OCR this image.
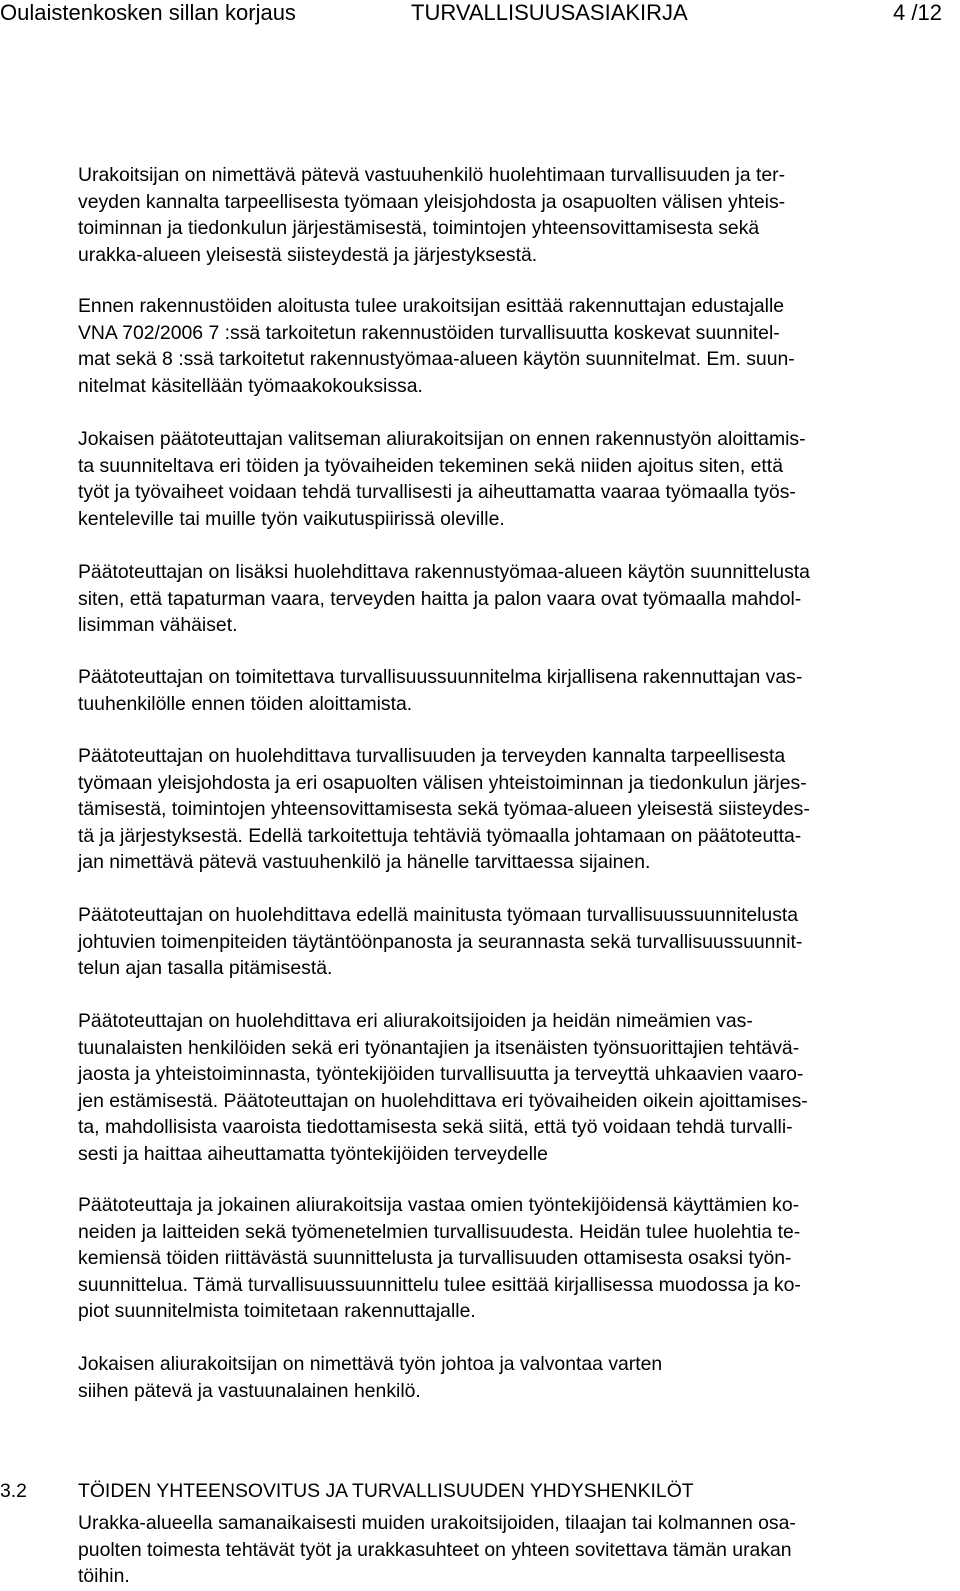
Oulaistenkosken sillan korjaus	TURVALLISUUSASIAKIRJA	4 /12
Urakoitsijan on nimettävä pätevä vastuuhenkilö huolehtimaan turvallisuuden ja ter-
veyden kannalta tarpeellisesta työmaan yleisjohdosta ja osapuolten välisen yhteis-
toiminnan ja tiedonkulun järjestämisestä, toimintojen yhteensovittamisesta sekä
urakka-alueen yleisestä siisteydestä ja järjestyksestä.
Ennen rakennustöiden aloitusta tulee urakoitsijan esittää rakennuttajan edustajalle
VNA 702/2006 7 :ssä tarkoitetun rakennustöiden turvallisuutta koskevat suunnitel-
mat sekä 8 :ssä tarkoitetut rakennustyömaa-alueen käytön suunnitelmat. Em. suun-
nitelmat käsitellään työmaakokouksissa.
Jokaisen päätoteuttajan valitseman aliurakoitsijan on ennen rakennustyön aloittamis-
ta suunniteltava eri töiden ja työvaiheiden tekeminen sekä niiden ajoitus siten, että
työt ja työvaiheet voidaan tehdä turvallisesti ja aiheuttamatta vaaraa työmaalla työs-
kenteleville tai muille työn vaikutuspiirissä oleville.
Päätoteuttajan on lisäksi huolehdittava rakennustyömaa-alueen käytön suunnittelusta
siten, että tapaturman vaara, terveyden haitta ja palon vaara ovat työmaalla mahdol-
lisimman vähäiset.
Päätoteuttajan on toimitettava turvallisuussuunnitelma kirjallisena rakennuttajan vas-
tuuhenkilölle ennen töiden aloittamista.
Päätoteuttajan on huolehdittava turvallisuuden ja terveyden kannalta tarpeellisesta
työmaan yleisjohdosta ja eri osapuolten välisen yhteistoiminnan ja tiedonkulun järjes-
tämisestä, toimintojen yhteensovittamisesta sekä työmaa-alueen yleisestä siisteydes-
tä ja järjestyksestä. Edellä tarkoitettuja tehtäviä työmaalla johtamaan on päätoteutta-
jan nimettävä pätevä vastuuhenkilö ja hänelle tarvittaessa sijainen.
Päätoteuttajan on huolehdittava edellä mainitusta työmaan turvallisuussuunnitelusta
johtuvien toimenpiteiden täytäntöönpanosta ja seurannasta sekä turvallisuussuunnit-
telun ajan tasalla pitämisestä.
Päätoteuttajan on huolehdittava eri aliurakoitsijoiden ja heidän nimeämien vas-
tuunalaisten henkilöiden sekä eri työnantajien ja itsenäisten työnsuorittajien tehtävä-
jaosta ja yhteistoiminnasta, työntekijöiden turvallisuutta ja terveyttä uhkaavien vaaro-
jen estämisestä. Päätoteuttajan on huolehdittava eri työvaiheiden oikein ajoittamises-
ta, mahdollisista vaaroista tiedottamisesta sekä siitä, että työ voidaan tehdä turvalli-
sesti ja haittaa aiheuttamatta työntekijöiden terveydelle
Päätoteuttaja ja jokainen aliurakoitsija vastaa omien työntekijöidensä käyttämien ko-
neiden ja laitteiden sekä työmenetelmien turvallisuudesta. Heidän tulee huolehtia te-
kemiensä töiden riittävästä suunnittelusta ja turvallisuuden ottamisesta osaksi työn-
suunnittelua. Tämä turvallisuussuunnittelu tulee esittää kirjallisessa muodossa ja ko-
piot suunnitelmista toimitetaan rakennuttajalle.
Jokaisen aliurakoitsijan on nimettävä työn johtoa ja valvontaa varten
siihen pätevä ja vastuunalainen henkilö.
3.2	TÖIDEN YHTEENSOVITUS JA TURVALLISUUDEN YHDYSHENKILÖT
Urakka-alueella samanaikaisesti muiden urakoitsijoiden, tilaajan tai kolmannen osa-
puolten toimesta tehtävät työt ja urakkasuhteet on yhteen sovitettava tämän urakan
töihin.
